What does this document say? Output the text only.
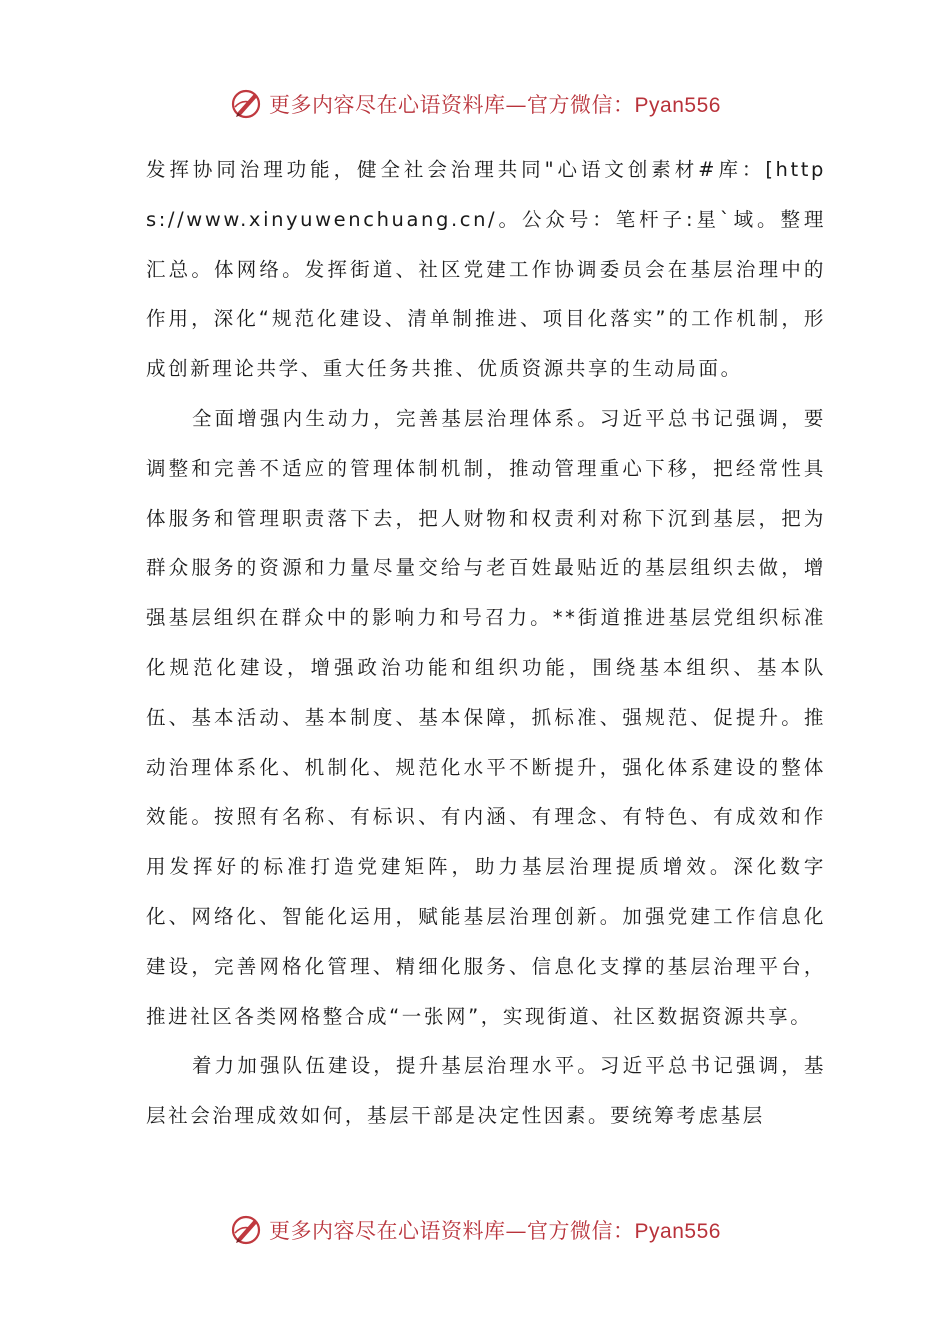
更多内容尽在心语资料库—官方微信：Pyan556

发挥协同治理功能，健全社会治理共同"心语文创素材#库：[https://www.xinyuwenchuang.cn/。公众号：笔杆子:星`域。整理汇总。体网络。发挥街道、社区党建工作协调委员会在基层治理中的作用，深化“规范化建设、清单制推进、项目化落实”的工作机制，形成创新理论共学、重大任务共推、优质资源共享的生动局面。

全面增强内生动力，完善基层治理体系。习近平总书记强调，要调整和完善不适应的管理体制机制，推动管理重心下移，把经常性具体服务和管理职责落下去，把人财物和权责利对称下沉到基层，把为群众服务的资源和力量尽量交给与老百姓最贴近的基层组织去做，增强基层组织在群众中的影响力和号召力。**街道推进基层党组织标准化规范化建设，增强政治功能和组织功能，围绕基本组织、基本队伍、基本活动、基本制度、基本保障，抓标准、强规范、促提升。推动治理体系化、机制化、规范化水平不断提升，强化体系建设的整体效能。按照有名称、有标识、有内涵、有理念、有特色、有成效和作用发挥好的标准打造党建矩阵，助力基层治理提质增效。深化数字化、网络化、智能化运用，赋能基层治理创新。加强党建工作信息化建设，完善网格化管理、精细化服务、信息化支撑的基层治理平台，推进社区各类网格整合成“一张网”，实现街道、社区数据资源共享。

着力加强队伍建设，提升基层治理水平。习近平总书记强调，基层社会治理成效如何，基层干部是决定性因素。要统筹考虑基层

更多内容尽在心语资料库—官方微信：Pyan556
